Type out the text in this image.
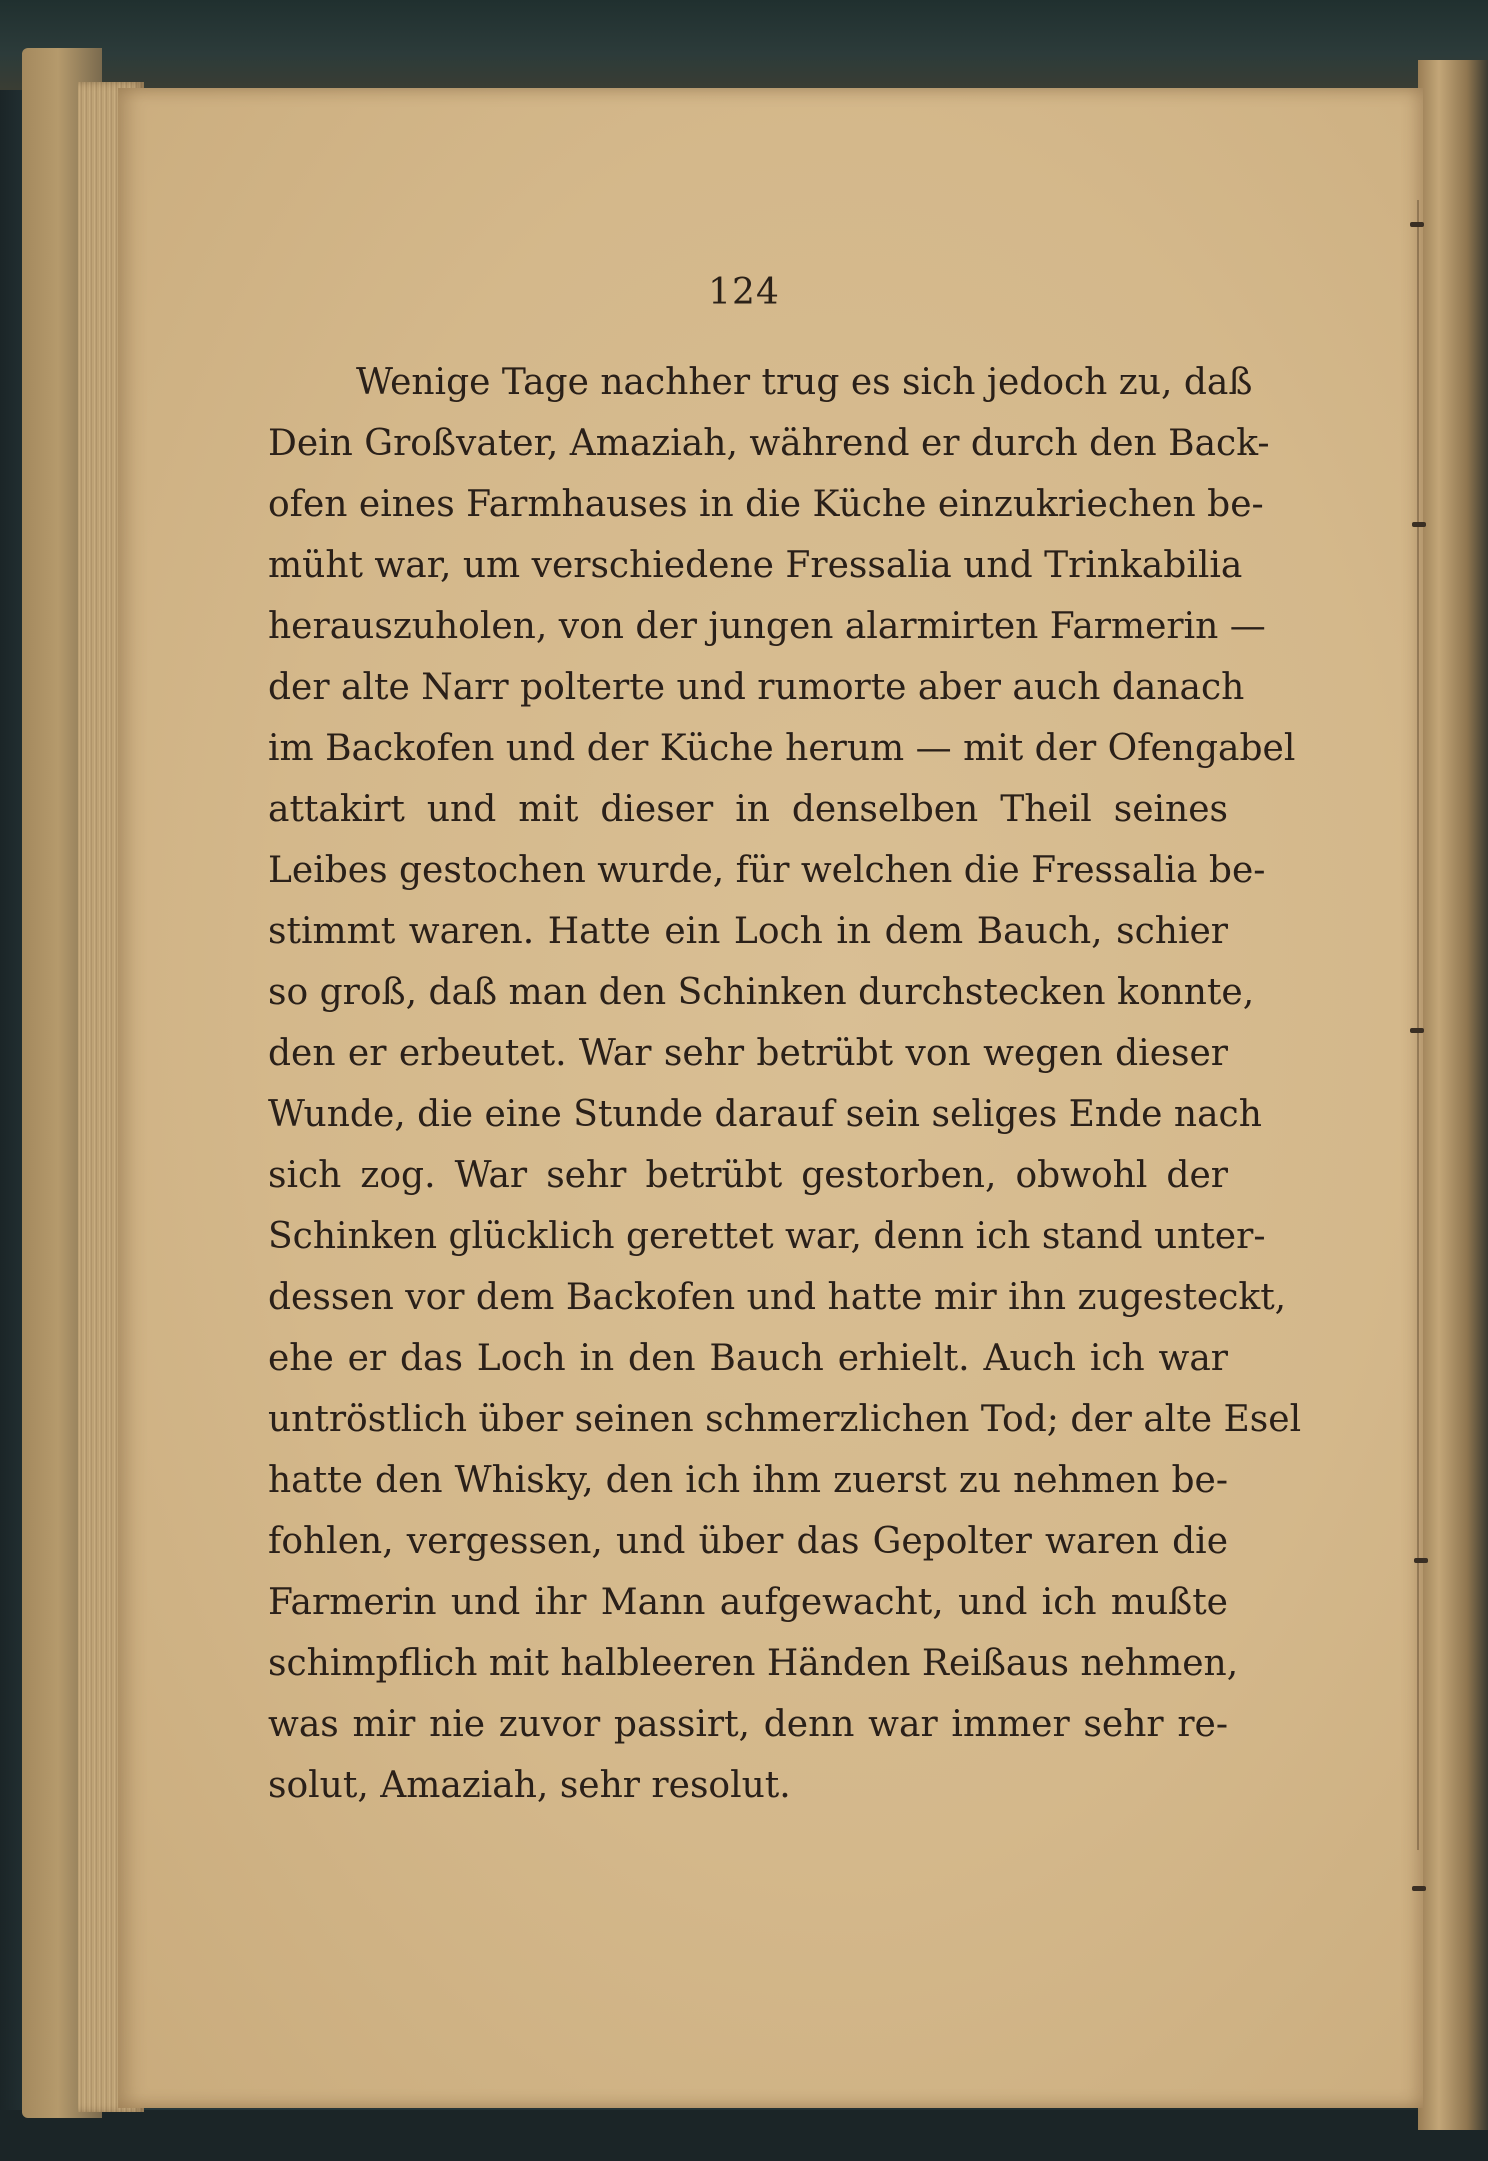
124
Wenige Tage nachher trug es sich jedoch zu, daß
Dein Großvater, Amaziah, während er durch den Back-
ofen eines Farmhauses in die Küche einzukriechen be-
müht war, um verschiedene Fressalia und Trinkabilia
herauszuholen, von der jungen alarmirten Farmerin —
der alte Narr polterte und rumorte aber auch danach
im Backofen und der Küche herum — mit der Ofengabel
attakirt und mit dieser in denselben Theil seines
Leibes gestochen wurde, für welchen die Fressalia be-
stimmt waren. Hatte ein Loch in dem Bauch, schier
so groß, daß man den Schinken durchstecken konnte,
den er erbeutet. War sehr betrübt von wegen dieser
Wunde, die eine Stunde darauf sein seliges Ende nach
sich zog. War sehr betrübt gestorben, obwohl der
Schinken glücklich gerettet war, denn ich stand unter-
dessen vor dem Backofen und hatte mir ihn zugesteckt,
ehe er das Loch in den Bauch erhielt. Auch ich war
untröstlich über seinen schmerzlichen Tod; der alte Esel
hatte den Whisky, den ich ihm zuerst zu nehmen be-
fohlen, vergessen, und über das Gepolter waren die
Farmerin und ihr Mann aufgewacht, und ich mußte
schimpflich mit halbleeren Händen Reißaus nehmen,
was mir nie zuvor passirt, denn war immer sehr re-
solut, Amaziah, sehr resolut.
